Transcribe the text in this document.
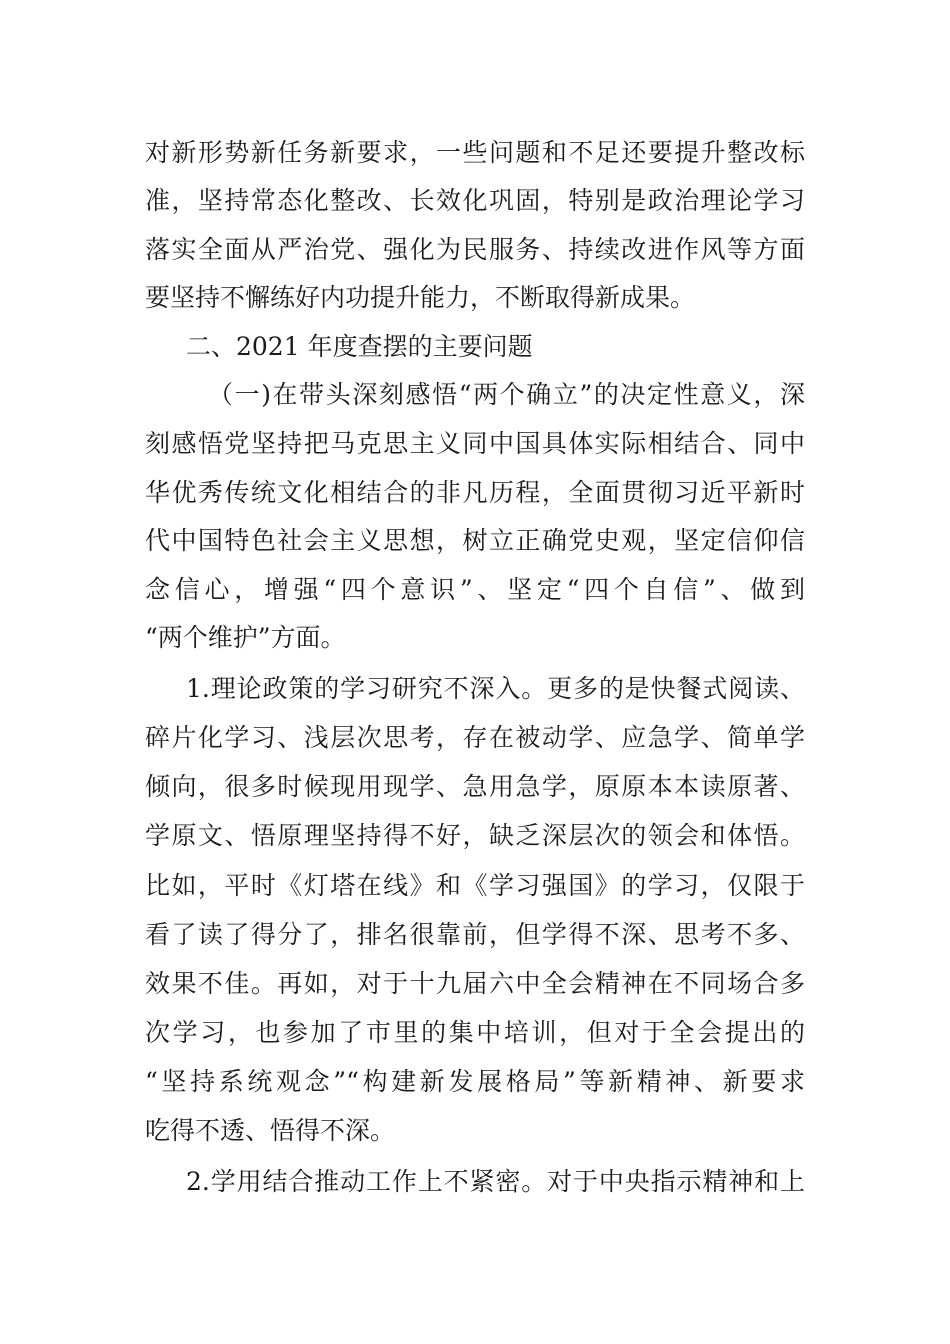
对新形势新任务新要求，一些问题和不足还要提升整改标
准，坚持常态化整改、长效化巩固，特别是政治理论学习
落实全面从严治党、强化为民服务、持续改进作风等方面
要坚持不懈练好内功提升能力，不断取得新成果。
二、2021 年度查摆的主要问题
（一)在带头深刻感悟“两个确立”的决定性意义，深
刻感悟党坚持把马克思主义同中国具体实际相结合、同中
华优秀传统文化相结合的非凡历程，全面贯彻习近平新时
代中国特色社会主义思想，树立正确党史观，坚定信仰信
念信心，增强“四个意识”、坚定“四个自信”、做到
“两个维护”方面。
1.理论政策的学习研究不深入。更多的是快餐式阅读、
碎片化学习、浅层次思考，存在被动学、应急学、简单学
倾向，很多时候现用现学、急用急学，原原本本读原著、
学原文、悟原理坚持得不好，缺乏深层次的领会和体悟。
比如，平时《灯塔在线》和《学习强国》的学习，仅限于
看了读了得分了，排名很靠前，但学得不深、思考不多、
效果不佳。再如，对于十九届六中全会精神在不同场合多
次学习，也参加了市里的集中培训，但对于全会提出的
“坚持系统观念”“构建新发展格局”等新精神、新要求
吃得不透、悟得不深。
2.学用结合推动工作上不紧密。对于中央指示精神和上
